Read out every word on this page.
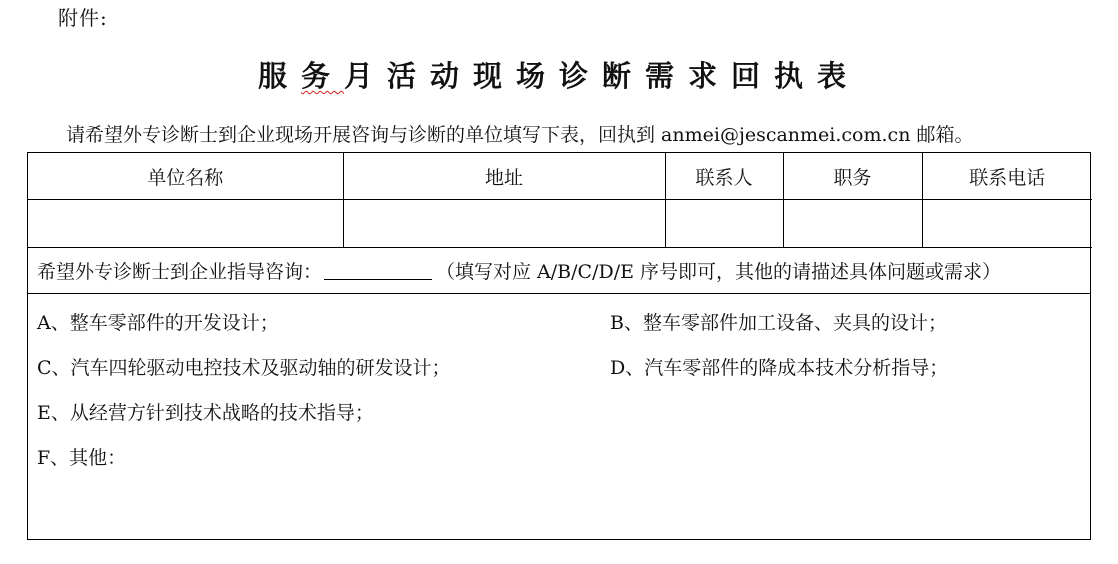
附件:
服务月活动现场诊断需求回执表
请希望外专诊断士到企业现场开展咨询与诊断的单位填写下表，回执到 anmei@jescanmei.com.cn 邮箱。
单位名称	地址	联系人	职务	联系电话

希望外专诊断士到企业指导咨询：	（填写对应 A/B/C/D/E 序号即可，其他的请描述具体问题或需求）
A、整车零部件的开发设计；	B、整车零部件加工设备、夹具的设计；
C、汽车四轮驱动电控技术及驱动轴的研发设计；	D、汽车零部件的降成本技术分析指导；
E、从经营方针到技术战略的技术指导；
F、其他：
